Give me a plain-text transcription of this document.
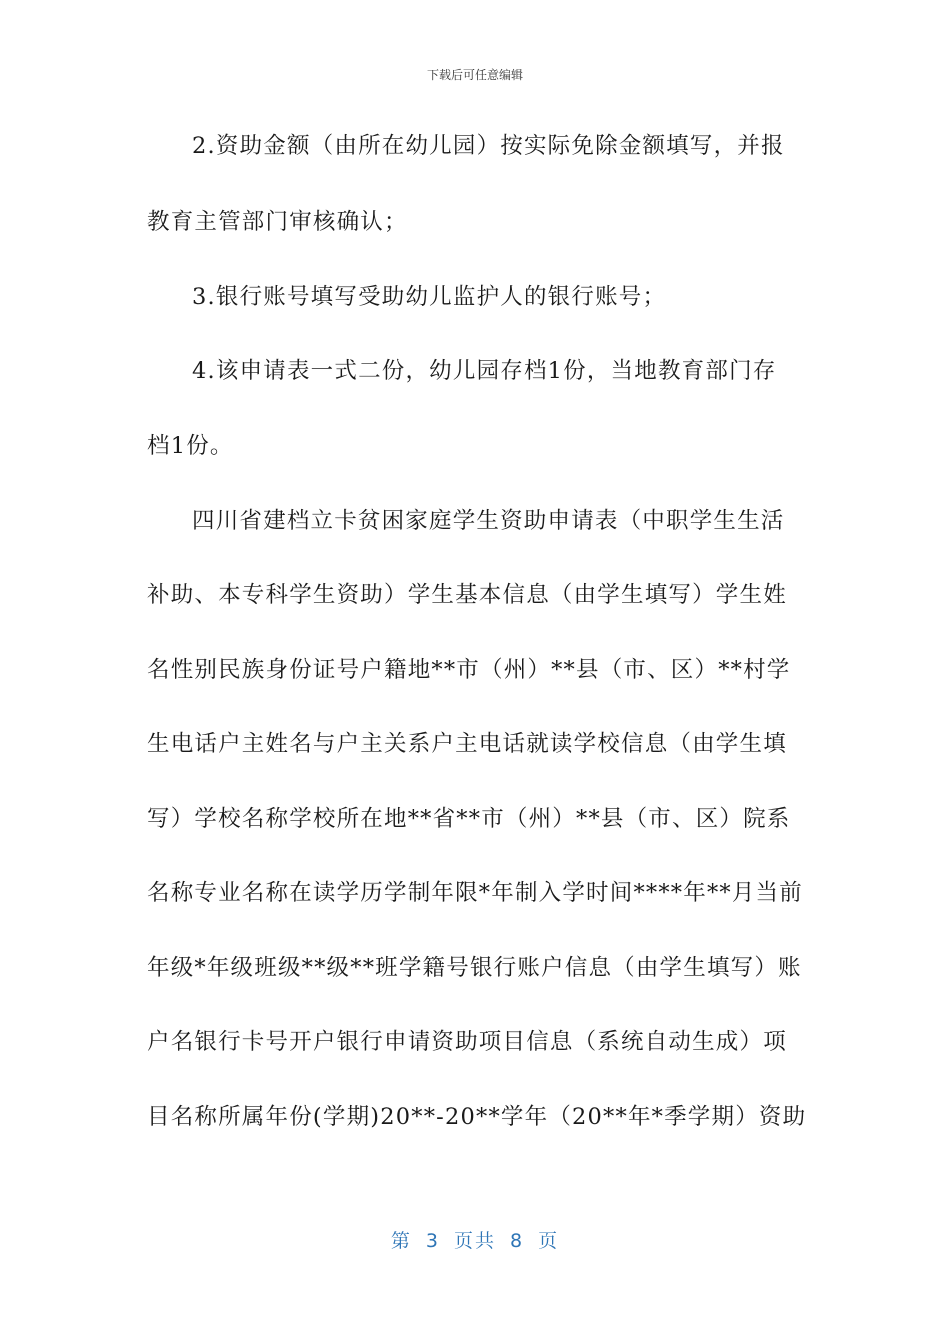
下载后可任意编辑
2.资助金额（由所在幼儿园）按实际免除金额填写，并报
教育主管部门审核确认；
3.银行账号填写受助幼儿监护人的银行账号；
4.该申请表一式二份，幼儿园存档1份，当地教育部门存
档1份。
四川省建档立卡贫困家庭学生资助申请表（中职学生生活
补助、本专科学生资助）学生基本信息（由学生填写）学生姓
名性别民族身份证号户籍地**市（州）**县（市、区）**村学
生电话户主姓名与户主关系户主电话就读学校信息（由学生填
写）学校名称学校所在地**省**市（州）**县（市、区）院系
名称专业名称在读学历学制年限*年制入学时间****年**月当前
年级*年级班级**级**班学籍号银行账户信息（由学生填写）账
户名银行卡号开户银行申请资助项目信息（系统自动生成）项
目名称所属年份(学期)20**-20**学年（20**年*季学期）资助
第 3 页共 8 页
